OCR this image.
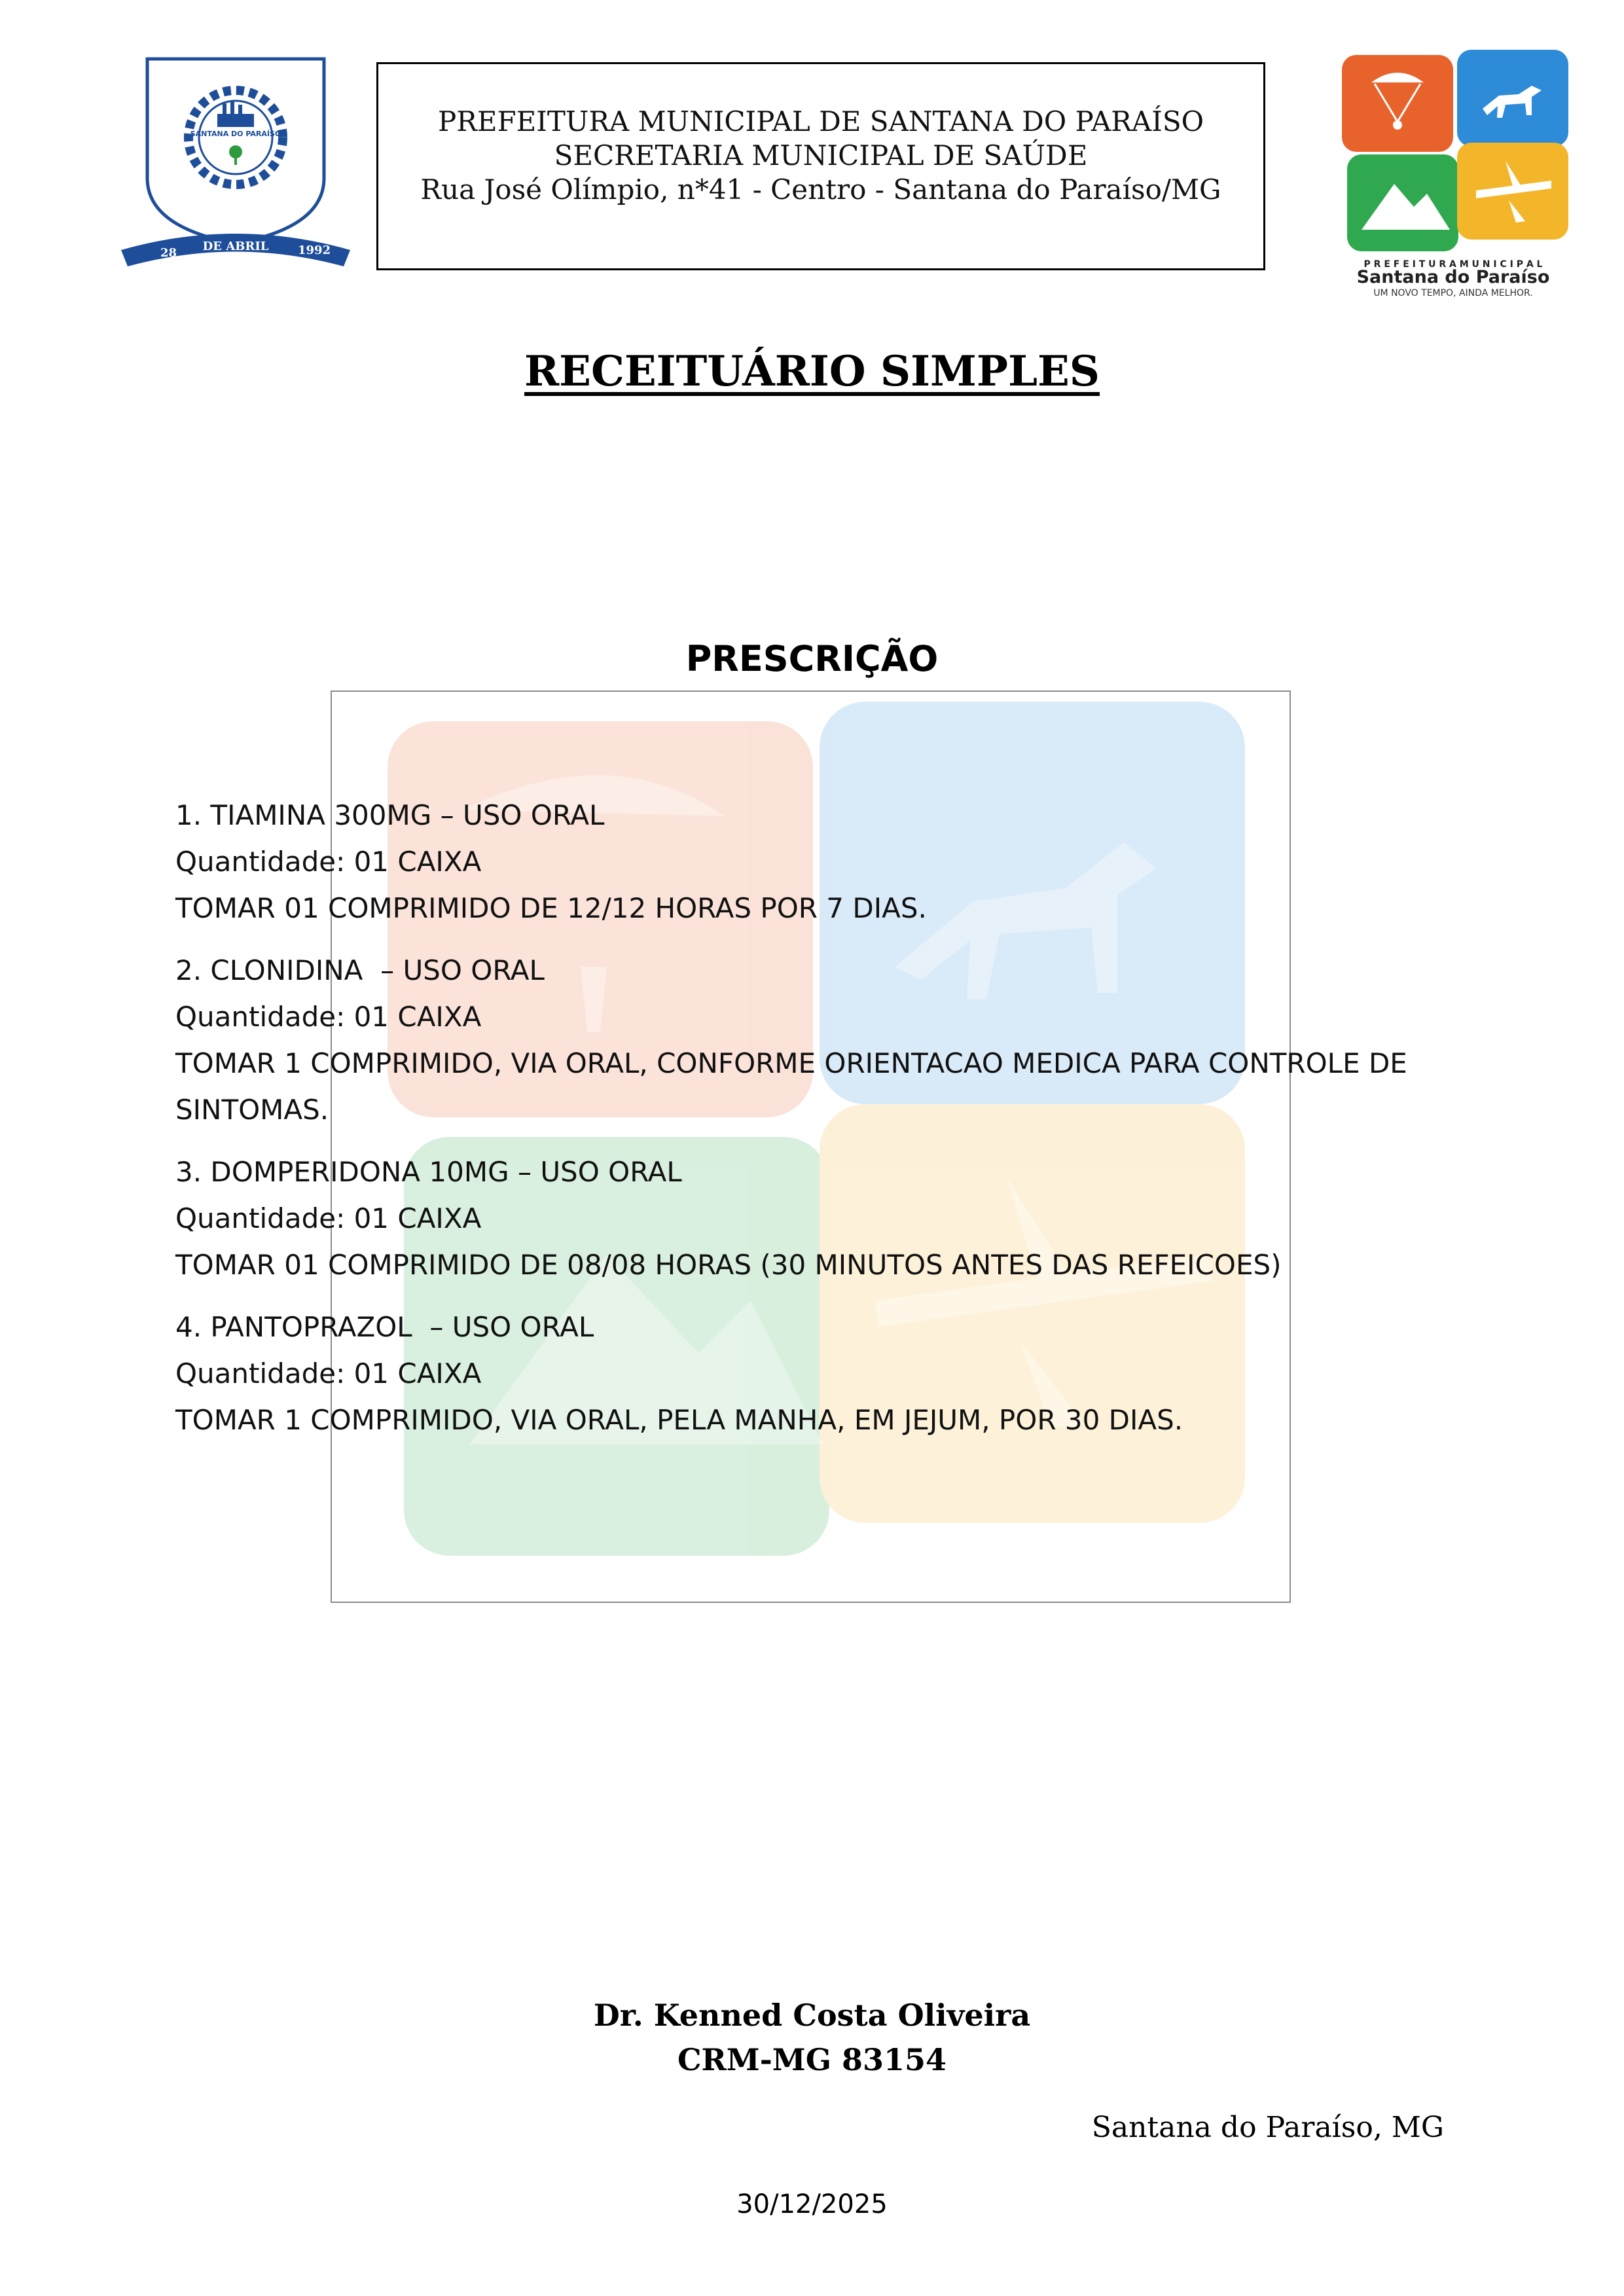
SANTANA DO PARAÍSO
28 DE ABRIL 1992
PREFEITURA MUNICIPAL DE SANTANA DO PARAÍSO
SECRETARIA MUNICIPAL DE SAÚDE
Rua José Olímpio, n*41 - Centro - Santana do Paraíso/MG
P R E F E I T U R A M U N I C I P A L
Santana do Paraíso
UM NOVO TEMPO, AINDA MELHOR.
RECEITUÁRIO SIMPLES
PRESCRIÇÃO
1. TIAMINA 300MG – USO ORAL
Quantidade: 01 CAIXA
TOMAR 01 COMPRIMIDO DE 12/12 HORAS POR 7 DIAS.
2. CLONIDINA  – USO ORAL
Quantidade: 01 CAIXA
TOMAR 1 COMPRIMIDO, VIA ORAL, CONFORME ORIENTACAO MEDICA PARA CONTROLE DE
SINTOMAS.
3. DOMPERIDONA 10MG – USO ORAL
Quantidade: 01 CAIXA
TOMAR 01 COMPRIMIDO DE 08/08 HORAS (30 MINUTOS ANTES DAS REFEICOES)
4. PANTOPRAZOL  – USO ORAL
Quantidade: 01 CAIXA
TOMAR 1 COMPRIMIDO, VIA ORAL, PELA MANHA, EM JEJUM, POR 30 DIAS.
Dr. Kenned Costa Oliveira
CRM-MG 83154
Santana do Paraíso, MG
30/12/2025
